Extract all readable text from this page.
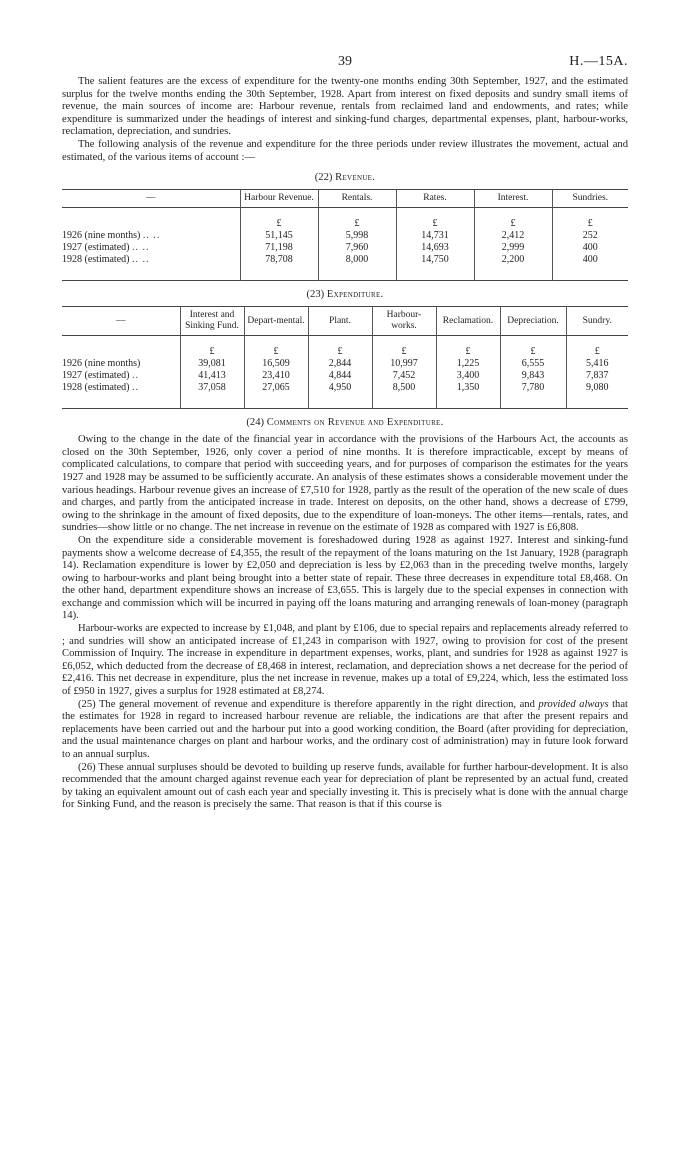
39	H.—15A.

The salient features are the excess of expenditure for the twenty-one months ending 30th September, 1927, and the estimated surplus for the twelve months ending the 30th September, 1928. Apart from interest on fixed deposits and sundry small items of revenue, the main sources of income are: Harbour revenue, rentals from reclaimed land and endowments, and rates; while expenditure is summarized under the headings of interest and sinking-fund charges, departmental expenses, plant, harbour-works, reclamation, depreciation, and sundries.

The following analysis of the revenue and expenditure for the three periods under review illustrates the movement, actual and estimated, of the various items of account :—

(22) Revenue.
—	Harbour Revenue.	Rentals.	Rates.	Interest.	Sundries.
	£	£	£	£	£
1926 (nine months) .. ..	51,145	5,998	14,731	2,412	252
1927 (estimated) .. ..	71,198	7,960	14,693	2,999	400
1928 (estimated) .. ..	78,708	8,000	14,750	2,200	400
(23) Expenditure.
—	Interest and Sinking Fund.	Depart-mental.	Plant.	Harbour-works.	Reclamation.	Depreciation.	Sundry.
	£	£	£	£	£	£	£
1926 (nine months)	39,081	16,509	2,844	10,997	1,225	6,555	5,416
1927 (estimated) ..	41,413	23,410	4,844	7,452	3,400	9,843	7,837
1928 (estimated) ..	37,058	27,065	4,950	8,500	1,350	7,780	9,080
(24) Comments on Revenue and Expenditure.

Owing to the change in the date of the financial year in accordance with the provisions of the Harbours Act, the accounts as closed on the 30th September, 1926, only cover a period of nine months. It is therefore impracticable, except by means of complicated calculations, to compare that period with succeeding years, and for purposes of comparison the estimates for the years 1927 and 1928 may be assumed to be sufficiently accurate. An analysis of these estimates shows a considerable movement under the various headings. Harbour revenue gives an increase of £7,510 for 1928, partly as the result of the operation of the new scale of dues and charges, and partly from the anticipated increase in trade. Interest on deposits, on the other hand, shows a decrease of £799, owing to the shrinkage in the amount of fixed deposits, due to the expenditure of loan-moneys. The other items—rentals, rates, and sundries—show little or no change. The net increase in revenue on the estimate of 1928 as compared with 1927 is £6,808.

On the expenditure side a considerable movement is foreshadowed during 1928 as against 1927. Interest and sinking-fund payments show a welcome decrease of £4,355, the result of the repayment of the loans maturing on the 1st January, 1928 (paragraph 14). Reclamation expenditure is lower by £2,050 and depreciation is less by £2,063 than in the preceding twelve months, largely owing to harbour-works and plant being brought into a better state of repair. These three decreases in expenditure total £8,468. On the other hand, department expenditure shows an increase of £3,655. This is largely due to the special expenses in connection with exchange and commission which will be incurred in paying off the loans maturing and arranging renewals of loan-money (paragraph 14).

Harbour-works are expected to increase by £1,048, and plant by £106, due to special repairs and replacements already referred to ; and sundries will show an anticipated increase of £1,243 in comparison with 1927, owing to provision for cost of the present Commission of Inquiry. The increase in expenditure in department expenses, works, plant, and sundries for 1928 as against 1927 is £6,052, which deducted from the decrease of £8,468 in interest, reclamation, and depreciation shows a net decrease for the period of £2,416. This net decrease in expenditure, plus the net increase in revenue, makes up a total of £9,224, which, less the estimated loss of £950 in 1927, gives a surplus for 1928 estimated at £8,274.

(25) The general movement of revenue and expenditure is therefore apparently in the right direction, and provided always that the estimates for 1928 in regard to increased harbour revenue are reliable, the indications are that after the present repairs and replacements have been carried out and the harbour put into a good working condition, the Board (after providing for depreciation, and the usual maintenance charges on plant and harbour works, and the ordinary cost of administration) may in future look forward to an annual surplus.

(26) These annual surpluses should be devoted to building up reserve funds, available for further harbour-development. It is also recommended that the amount charged against revenue each year for depreciation of plant be represented by an actual fund, created by taking an equivalent amount out of cash each year and specially investing it. This is precisely what is done with the annual charge for Sinking Fund, and the reason is precisely the same. That reason is that if this course is
